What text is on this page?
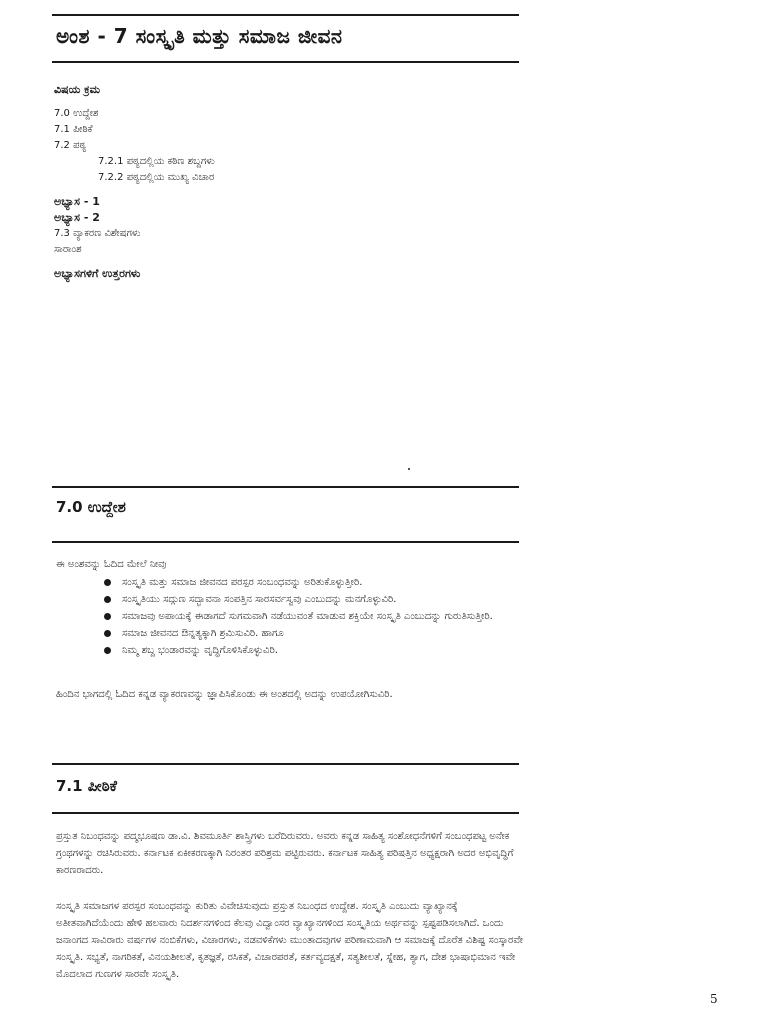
ಅಂಶ - 7 ಸಂಸ್ಕೃತಿ ಮತ್ತು ಸಮಾಜ ಜೀವನ
ವಿಷಯ ಕ್ರಮ
7.0 ಉದ್ದೇಶ
7.1 ಪೀಠಿಕೆ
7.2 ಪಠ್ಯ
7.2.1 ಪಠ್ಯದಲ್ಲಿಯ ಕಠಿಣ ಶಬ್ದಗಳು
7.2.2 ಪಠ್ಯದಲ್ಲಿಯ ಮುಖ್ಯ ವಿಚಾರ
ಅಭ್ಯಾಸ - 1
ಅಭ್ಯಾಸ - 2
7.3 ವ್ಯಾಕರಣ ವಿಶೇಷಗಳು
ಸಾರಾಂಶ
ಅಭ್ಯಾಸಗಳಿಗೆ ಉತ್ತರಗಳು
7.0 ಉದ್ದೇಶ
ಈ ಅಂಶವನ್ನು ಓದಿದ ಮೇಲೆ ನೀವು
ಸಂಸ್ಕೃತಿ ಮತ್ತು ಸಮಾಜ ಜೀವನದ ಪರಸ್ಪರ ಸಂಬಂಧವನ್ನು ಅರಿತುಕೊಳ್ಳುತ್ತೀರಿ.
ಸಂಸ್ಕೃತಿಯು ಸದ್ಗುಣ ಸದ್ಭಾವನಾ ಸಂಪತ್ತಿನ ಸಾರಸರ್ವಸ್ವವು ಎಂಬುದನ್ನು ಮನಗೊಳ್ಳುವಿರಿ.
ಸಮಾಜವು ಅಪಾಯಕ್ಕೆ ಈಡಾಗದೆ ಸುಗಮವಾಗಿ ನಡೆಯುವಂತೆ ಮಾಡುವ ಶಕ್ತಿಯೇ ಸಂಸ್ಕೃತಿ ಎಂಬುದನ್ನು ಗುರುತಿಸುತ್ತೀರಿ.
ಸಮಾಜ ಜೀವನದ ಔನ್ನತ್ಯಕ್ಕಾಗಿ ಶ್ರಮಿಸುವಿರಿ. ಹಾಗೂ
ನಿಮ್ಮ ಶಬ್ದ ಭಂಡಾರವನ್ನು ವೃದ್ಧಿಗೊಳಿಸಿಕೊಳ್ಳುವಿರಿ.
ಹಿಂದಿನ ಭಾಗದಲ್ಲಿ ಓದಿದ ಕನ್ನಡ ವ್ಯಾಕರಣವನ್ನು ಜ್ಞಾಪಿಸಿಕೊಂಡು ಈ ಅಂಶದಲ್ಲಿ ಅದನ್ನು ಉಪಯೋಗಿಸುವಿರಿ.
7.1 ಪೀಠಿಕೆ
ಪ್ರಸ್ತುತ ನಿಬಂಧವನ್ನು ಪದ್ಮಭೂಷಣ ಡಾ.ವಿ. ಶಿವಮೂರ್ತಿ ಶಾಸ್ತ್ರಿಗಳು ಬರೆದಿರುವರು. ಅವರು ಕನ್ನಡ ಸಾಹಿತ್ಯ ಸಂಶೋಧನೆಗಳಿಗೆ ಸಂಬಂಧಪಟ್ಟ ಅನೇಕ ಗ್ರಂಥಗಳನ್ನು ರಚಿಸಿರುವರು. ಕರ್ನಾಟಕ ಏಕೀಕರಣಕ್ಕಾಗಿ ನಿರಂತರ ಪರಿಶ್ರಮ ಪಟ್ಟಿರುವರು. ಕರ್ನಾಟಕ ಸಾಹಿತ್ಯ ಪರಿಷತ್ತಿನ ಅಧ್ಯಕ್ಷರಾಗಿ ಅದರ ಅಭಿವೃದ್ಧಿಗೆ ಕಾರಣರಾದರು.
ಸಂಸ್ಕೃತಿ ಸಮಾಜಗಳ ಪರಸ್ಪರ ಸಂಬಂಧವನ್ನು ಕುರಿತು ವಿವೇಚಿಸುವುದು ಪ್ರಸ್ತುತ ನಿಬಂಧದ ಉದ್ದೇಶ. ಸಂಸ್ಕೃತಿ ಎಂಬುದು ವ್ಯಾಖ್ಯಾನಕ್ಕೆ ಅತೀತವಾಗಿದೆಯೆಂದು ಹೇಳಿ ಹಲವಾರು ನಿದರ್ಶನಗಳಿಂದ ಕೆಲವು ವಿದ್ವಾಂಸರ ವ್ಯಾಖ್ಯಾನಗಳಿಂದ ಸಂಸ್ಕೃತಿಯ ಅರ್ಥವನ್ನು ಸ್ಪಷ್ಟಪಡಿಸಲಾಗಿದೆ. ಒಂದು ಜನಾಂಗದ ಸಾವಿರಾರು ವರ್ಷಗಳ ನಂಬಿಕೆಗಳು, ವಿಚಾರಗಳು, ನಡವಳಿಕೆಗಳು ಮುಂತಾದವುಗಳ ಪರಿಣಾಮವಾಗಿ ಆ ಸಮಾಜಕ್ಕೆ ದೊರೆತ ವಿಶಿಷ್ಟ ಸಂಸ್ಕಾರವೇ ಸಂಸ್ಕೃತಿ. ಸಭ್ಯತೆ, ನಾಗರಿಕತೆ, ವಿನಯಶೀಲತೆ, ಕೃತಜ್ಞತೆ, ರಸಿಕತೆ, ವಿಚಾರಪರತೆ, ಕರ್ತವ್ಯದಕ್ಷತೆ, ಸತ್ಯಶೀಲತೆ, ಸ್ನೇಹ, ತ್ಯಾಗ, ದೇಶ ಭಾಷಾಭಿಮಾನ ಇವೇ ಮೊದಲಾದ ಗುಣಗಳ ಸಾರವೇ ಸಂಸ್ಕೃತಿ.
5
